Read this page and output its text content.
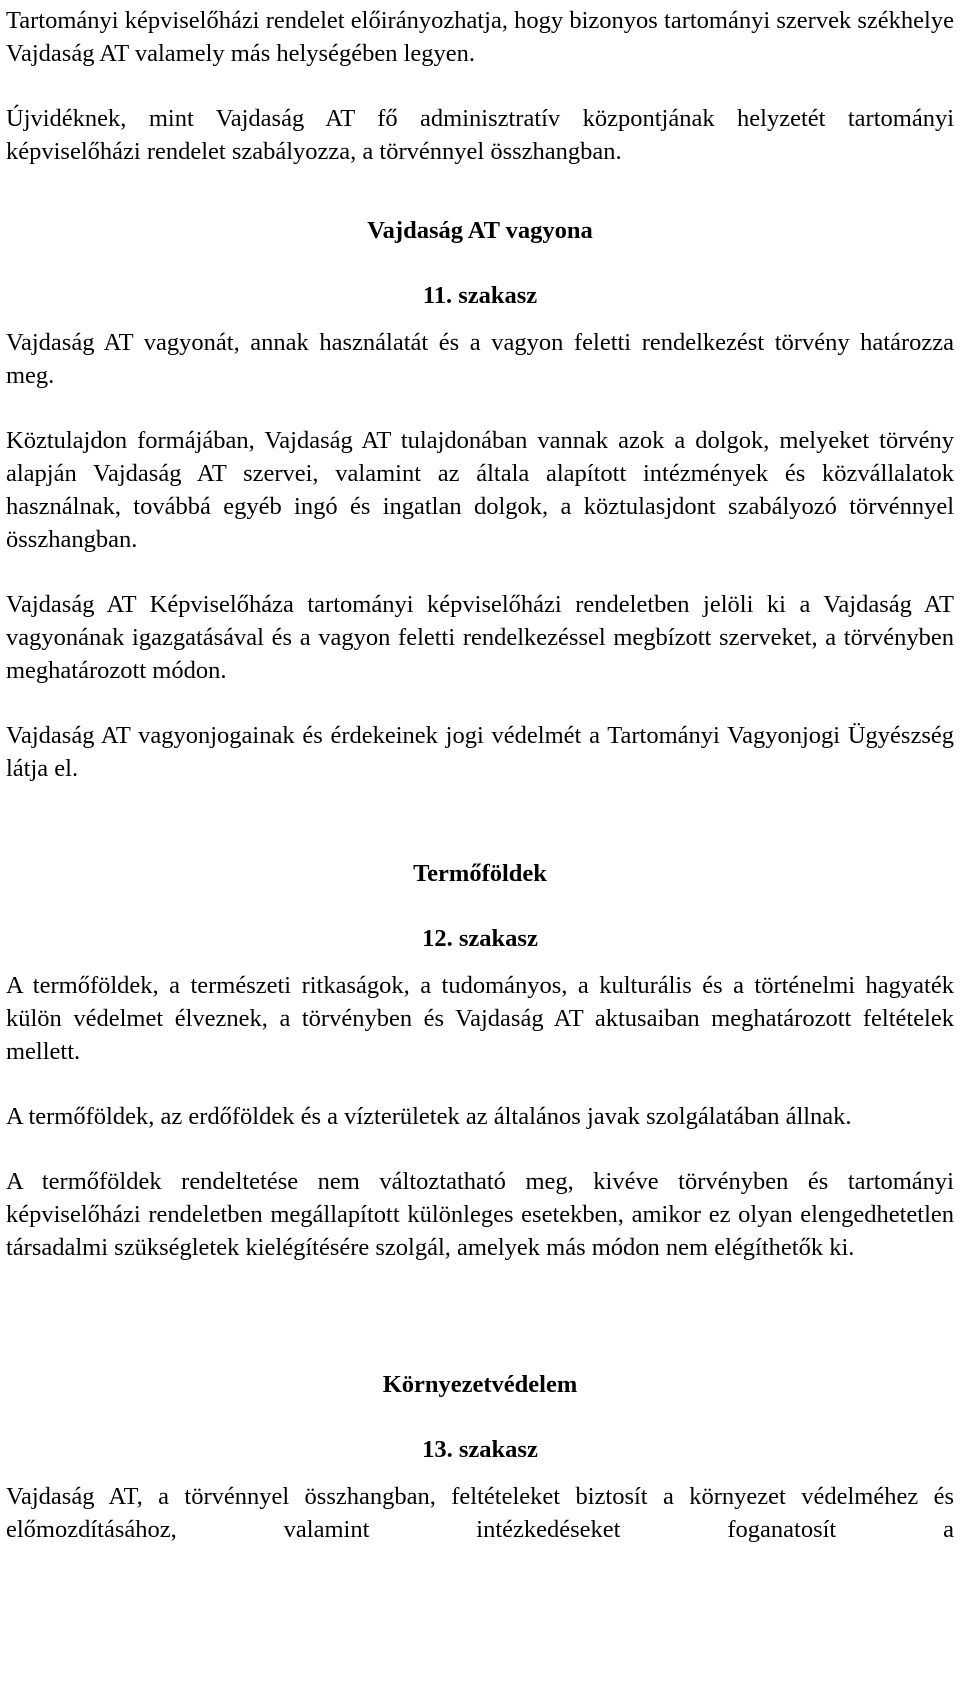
Tartományi képviselőházi rendelet előirányozhatja, hogy bizonyos tartományi szervek székhelye Vajdaság AT valamely más helységében legyen.

Újvidéknek, mint Vajdaság AT fő adminisztratív központjának helyzetét tartományi képviselőházi rendelet szabályozza, a törvénnyel összhangban.

Vajdaság AT vagyona
11. szakasz

Vajdaság AT vagyonát, annak használatát és a vagyon feletti rendelkezést törvény határozza meg.

Köztulajdon formájában, Vajdaság AT tulajdonában vannak azok a dolgok, melyeket törvény alapján Vajdaság AT szervei, valamint az általa alapított intézmények és közvállalatok használnak, továbbá egyéb ingó és ingatlan dolgok, a köztulasjdont szabályozó törvénnyel összhangban.

Vajdaság AT Képviselőháza tartományi képviselőházi rendeletben jelöli ki a Vajdaság AT vagyonának igazgatásával és a vagyon feletti rendelkezéssel megbízott szerveket, a törvényben meghatározott módon.

Vajdaság AT vagyonjogainak és érdekeinek jogi védelmét a Tartományi Vagyonjogi Ügyészség látja el.

Termőföldek
12. szakasz

A termőföldek, a természeti ritkaságok, a tudományos, a kulturális és a történelmi hagyaték külön védelmet élveznek, a törvényben és Vajdaság AT aktusaiban meghatározott feltételek mellett.

A termőföldek, az erdőföldek és a vízterületek az általános javak szolgálatában állnak.

A termőföldek rendeltetése nem változtatható meg, kivéve törvényben és tartományi képviselőházi rendeletben megállapított különleges esetekben, amikor ez olyan elengedhetetlen társadalmi szükségletek kielégítésére szolgál, amelyek más módon nem elégíthetők ki.

Környezetvédelem
13. szakasz

Vajdaság AT, a törvénnyel összhangban, feltételeket biztosít a környezet védelméhez és előmozdításához, valamint intézkedéseket foganatosít a
